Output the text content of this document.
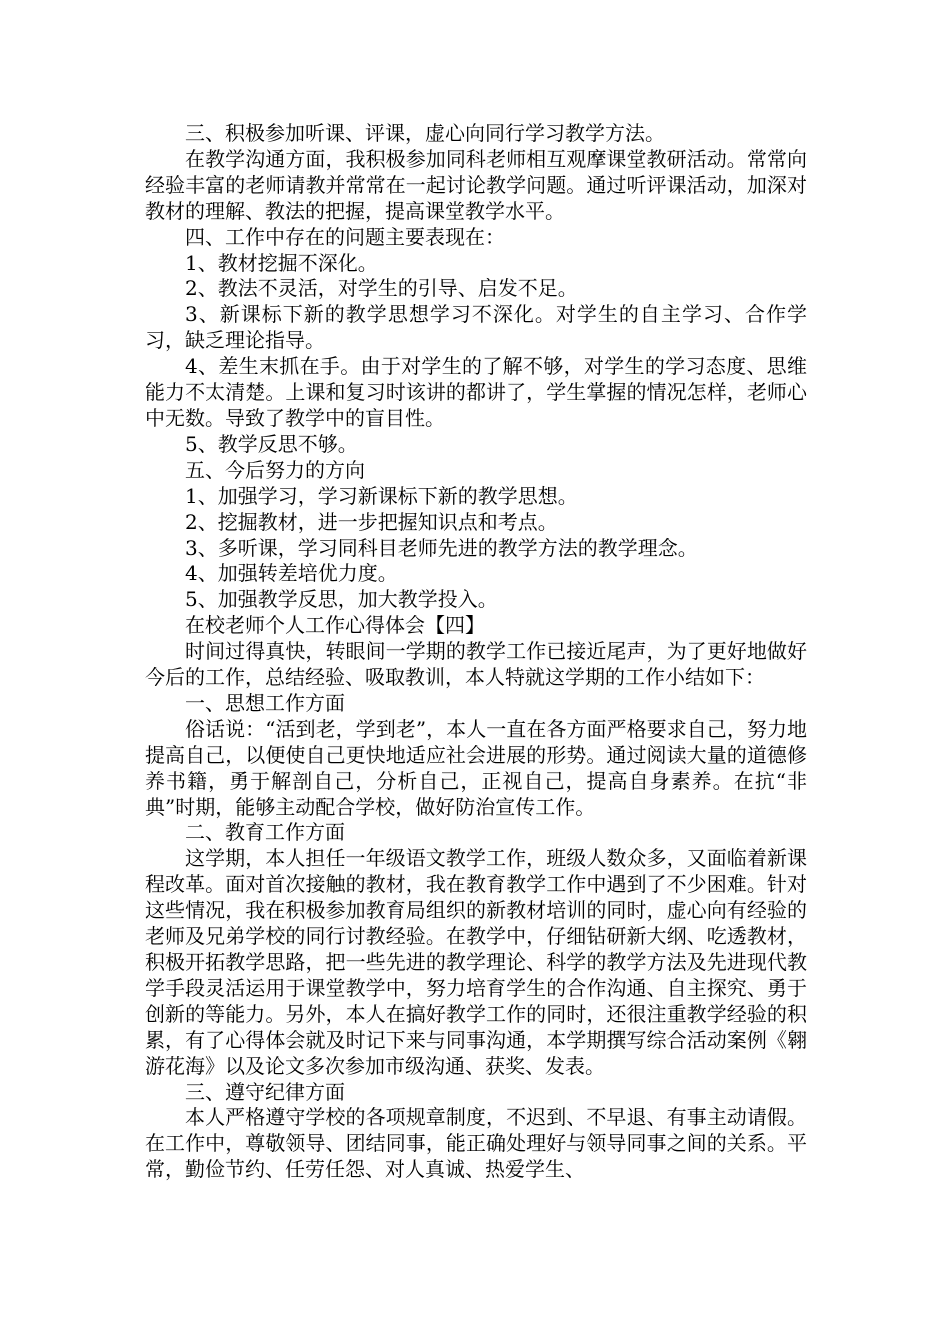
三、积极参加听课、评课，虚心向同行学习教学方法。

在教学沟通方面，我积极参加同科老师相互观摩课堂教研活动。常常向经验丰富的老师请教并常常在一起讨论教学问题。通过听评课活动，加深对教材的理解、教法的把握，提高课堂教学水平。

四、工作中存在的问题主要表现在：

1、教材挖掘不深化。

2、教法不灵活，对学生的引导、启发不足。

3、新课标下新的教学思想学习不深化。对学生的自主学习、合作学习，缺乏理论指导。

4、差生末抓在手。由于对学生的了解不够，对学生的学习态度、思维能力不太清楚。上课和复习时该讲的都讲了，学生掌握的情况怎样，老师心中无数。导致了教学中的盲目性。

5、教学反思不够。

五、今后努力的方向

1、加强学习，学习新课标下新的教学思想。

2、挖掘教材，进一步把握知识点和考点。

3、多听课，学习同科目老师先进的教学方法的教学理念。

4、加强转差培优力度。

5、加强教学反思，加大教学投入。

在校老师个人工作心得体会【四】

时间过得真快，转眼间一学期的教学工作已接近尾声，为了更好地做好今后的工作，总结经验、吸取教训，本人特就这学期的工作小结如下：

一、思想工作方面

俗话说：“活到老，学到老”，本人一直在各方面严格要求自己，努力地提高自己，以便使自己更快地适应社会进展的形势。通过阅读大量的道德修养书籍，勇于解剖自己，分析自己，正视自己，提高自身素养。在抗“非典”时期，能够主动配合学校，做好防治宣传工作。

二、教育工作方面

这学期，本人担任一年级语文教学工作，班级人数众多，又面临着新课程改革。面对首次接触的教材，我在教育教学工作中遇到了不少困难。针对这些情况，我在积极参加教育局组织的新教材培训的同时，虚心向有经验的老师及兄弟学校的同行讨教经验。在教学中，仔细钻研新大纲、吃透教材，积极开拓教学思路，把一些先进的教学理论、科学的教学方法及先进现代教学手段灵活运用于课堂教学中，努力培育学生的合作沟通、自主探究、勇于创新的等能力。另外，本人在搞好教学工作的同时，还很注重教学经验的积累，有了心得体会就及时记下来与同事沟通，本学期撰写综合活动案例《翱游花海》以及论文多次参加市级沟通、获奖、发表。

三、遵守纪律方面

本人严格遵守学校的各项规章制度，不迟到、不早退、有事主动请假。在工作中，尊敬领导、团结同事，能正确处理好与领导同事之间的关系。平常，勤俭节约、任劳任怨、对人真诚、热爱学生、
